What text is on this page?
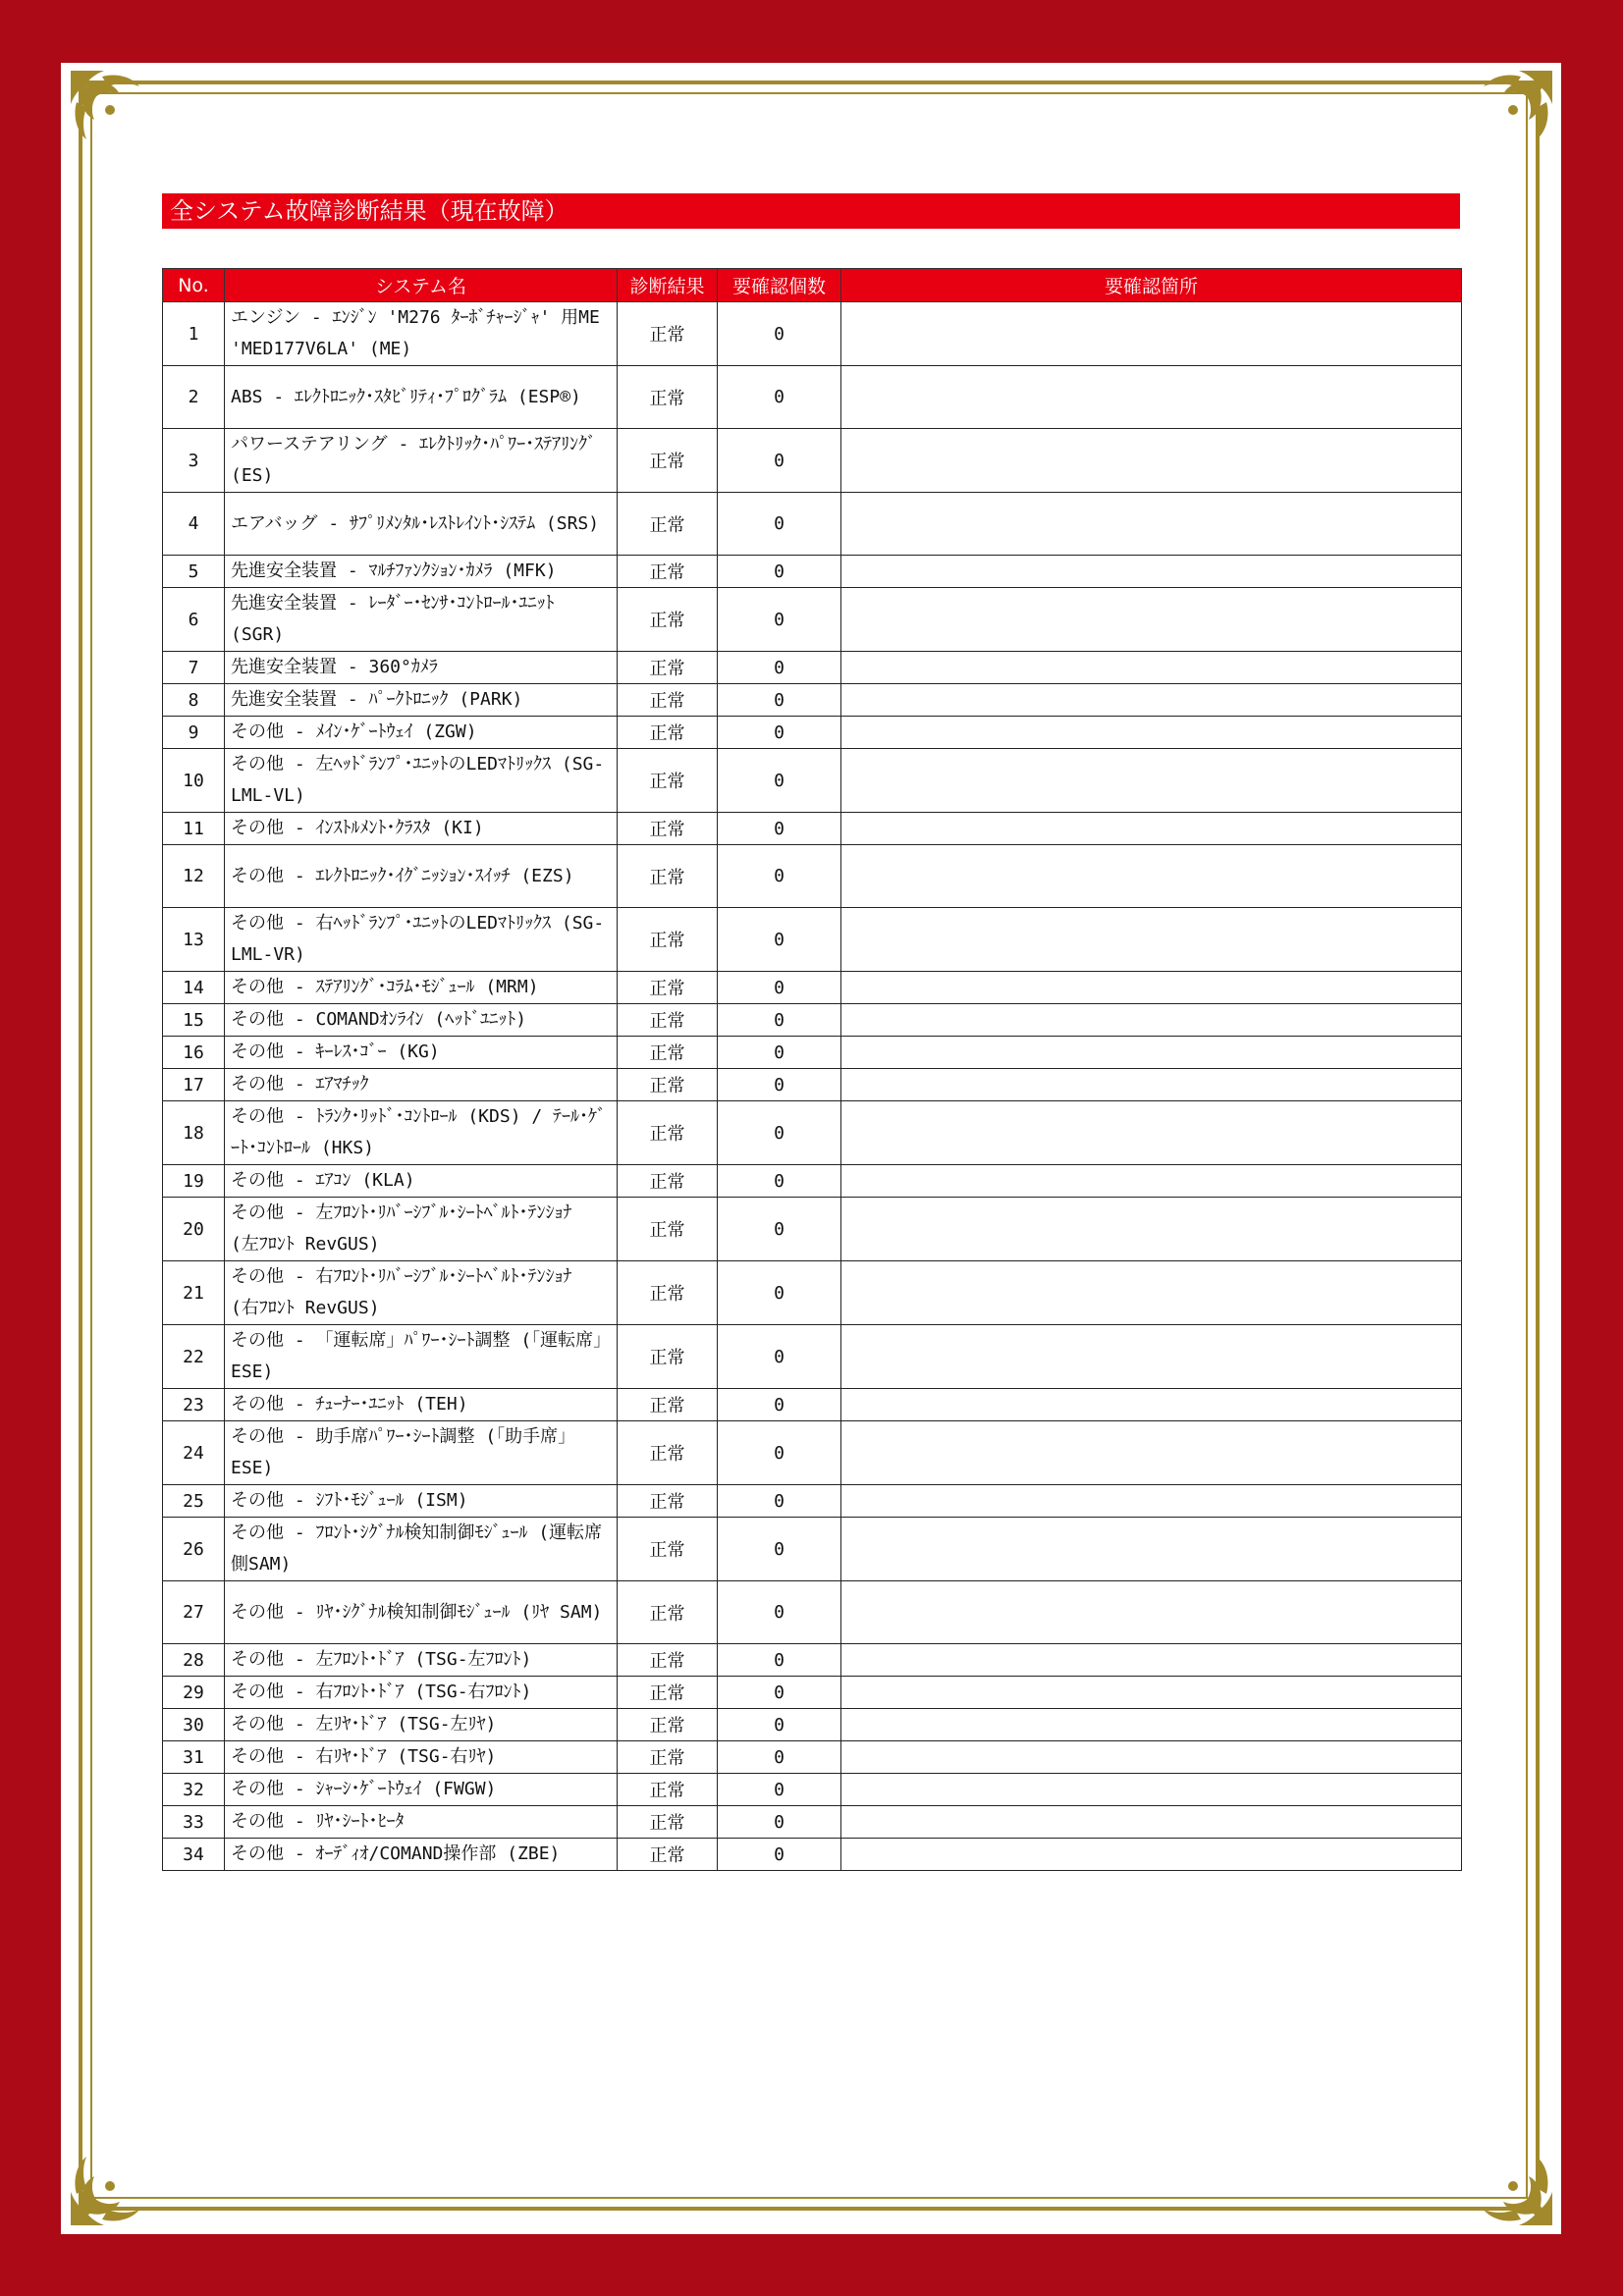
全システム故障診断結果（現在故障）
No.	システム名	診断結果	要確認個数	要確認箇所
1	エンジン - ｴﾝｼﾞﾝ 'M276 ﾀｰﾎﾞﾁｬｰｼﾞｬ' 用ME 'MED177V6LA' (ME)	正常	0	
2	ABS - ｴﾚｸﾄﾛﾆｯｸ･ｽﾀﾋﾞﾘﾃｨ･ﾌﾟﾛｸﾞﾗﾑ (ESP®)	正常	0	
3	パワーステアリング - ｴﾚｸﾄﾘｯｸ･ﾊﾟﾜｰ･ｽﾃｱﾘﾝｸﾞ (ES)	正常	0	
4	エアバッグ - ｻﾌﾟﾘﾒﾝﾀﾙ･ﾚｽﾄﾚｲﾝﾄ･ｼｽﾃﾑ (SRS)	正常	0	
5	先進安全装置 - ﾏﾙﾁﾌｧﾝｸｼｮﾝ･ｶﾒﾗ (MFK)	正常	0	
6	先進安全装置 - ﾚｰﾀﾞｰ･ｾﾝｻ･ｺﾝﾄﾛｰﾙ･ﾕﾆｯﾄ (SGR)	正常	0	
7	先進安全装置 - 360°ｶﾒﾗ	正常	0	
8	先進安全装置 - ﾊﾟｰｸﾄﾛﾆｯｸ (PARK)	正常	0	
9	その他 - ﾒｲﾝ･ｹﾞｰﾄｳｪｲ (ZGW)	正常	0	
10	その他 - 左ﾍｯﾄﾞﾗﾝﾌﾟ･ﾕﾆｯﾄのLEDﾏﾄﾘｯｸｽ (SG-LML-VL)	正常	0	
11	その他 - ｲﾝｽﾄﾙﾒﾝﾄ･ｸﾗｽﾀ (KI)	正常	0	
12	その他 - ｴﾚｸﾄﾛﾆｯｸ･ｲｸﾞﾆｯｼｮﾝ･ｽｲｯﾁ (EZS)	正常	0	
13	その他 - 右ﾍｯﾄﾞﾗﾝﾌﾟ･ﾕﾆｯﾄのLEDﾏﾄﾘｯｸｽ (SG-LML-VR)	正常	0	
14	その他 - ｽﾃｱﾘﾝｸﾞ･ｺﾗﾑ･ﾓｼﾞｭｰﾙ (MRM)	正常	0	
15	その他 - COMANDｵﾝﾗｲﾝ (ﾍｯﾄﾞﾕﾆｯﾄ)	正常	0	
16	その他 - ｷｰﾚｽ･ｺﾞｰ (KG)	正常	0	
17	その他 - ｴｱﾏﾁｯｸ	正常	0	
18	その他 - ﾄﾗﾝｸ･ﾘｯﾄﾞ･ｺﾝﾄﾛｰﾙ (KDS) / ﾃｰﾙ･ｹﾞｰﾄ･ｺﾝﾄﾛｰﾙ (HKS)	正常	0	
19	その他 - ｴｱｺﾝ (KLA)	正常	0	
20	その他 - 左ﾌﾛﾝﾄ･ﾘﾊﾞｰｼﾌﾞﾙ･ｼｰﾄﾍﾞﾙﾄ･ﾃﾝｼｮﾅ (左ﾌﾛﾝﾄ RevGUS)	正常	0	
21	その他 - 右ﾌﾛﾝﾄ･ﾘﾊﾞｰｼﾌﾞﾙ･ｼｰﾄﾍﾞﾙﾄ･ﾃﾝｼｮﾅ (右ﾌﾛﾝﾄ RevGUS)	正常	0	
22	その他 - 「運転席」ﾊﾟﾜｰ･ｼｰﾄ調整 (「運転席」ESE)	正常	0	
23	その他 - ﾁｭｰﾅｰ･ﾕﾆｯﾄ (TEH)	正常	0	
24	その他 - 助手席ﾊﾟﾜｰ･ｼｰﾄ調整 (「助手席」ESE)	正常	0	
25	その他 - ｼﾌﾄ･ﾓｼﾞｭｰﾙ (ISM)	正常	0	
26	その他 - ﾌﾛﾝﾄ･ｼｸﾞﾅﾙ検知制御ﾓｼﾞｭｰﾙ (運転席側SAM)	正常	0	
27	その他 - ﾘﾔ･ｼｸﾞﾅﾙ検知制御ﾓｼﾞｭｰﾙ (ﾘﾔ SAM)	正常	0	
28	その他 - 左ﾌﾛﾝﾄ･ﾄﾞｱ (TSG-左ﾌﾛﾝﾄ)	正常	0	
29	その他 - 右ﾌﾛﾝﾄ･ﾄﾞｱ (TSG-右ﾌﾛﾝﾄ)	正常	0	
30	その他 - 左ﾘﾔ･ﾄﾞｱ (TSG-左ﾘﾔ)	正常	0	
31	その他 - 右ﾘﾔ･ﾄﾞｱ (TSG-右ﾘﾔ)	正常	0	
32	その他 - ｼｬｰｼ･ｹﾞｰﾄｳｪｲ (FWGW)	正常	0	
33	その他 - ﾘﾔ･ｼｰﾄ･ﾋｰﾀ	正常	0	
34	その他 - ｵｰﾃﾞｨｵ/COMAND操作部 (ZBE)	正常	0	
